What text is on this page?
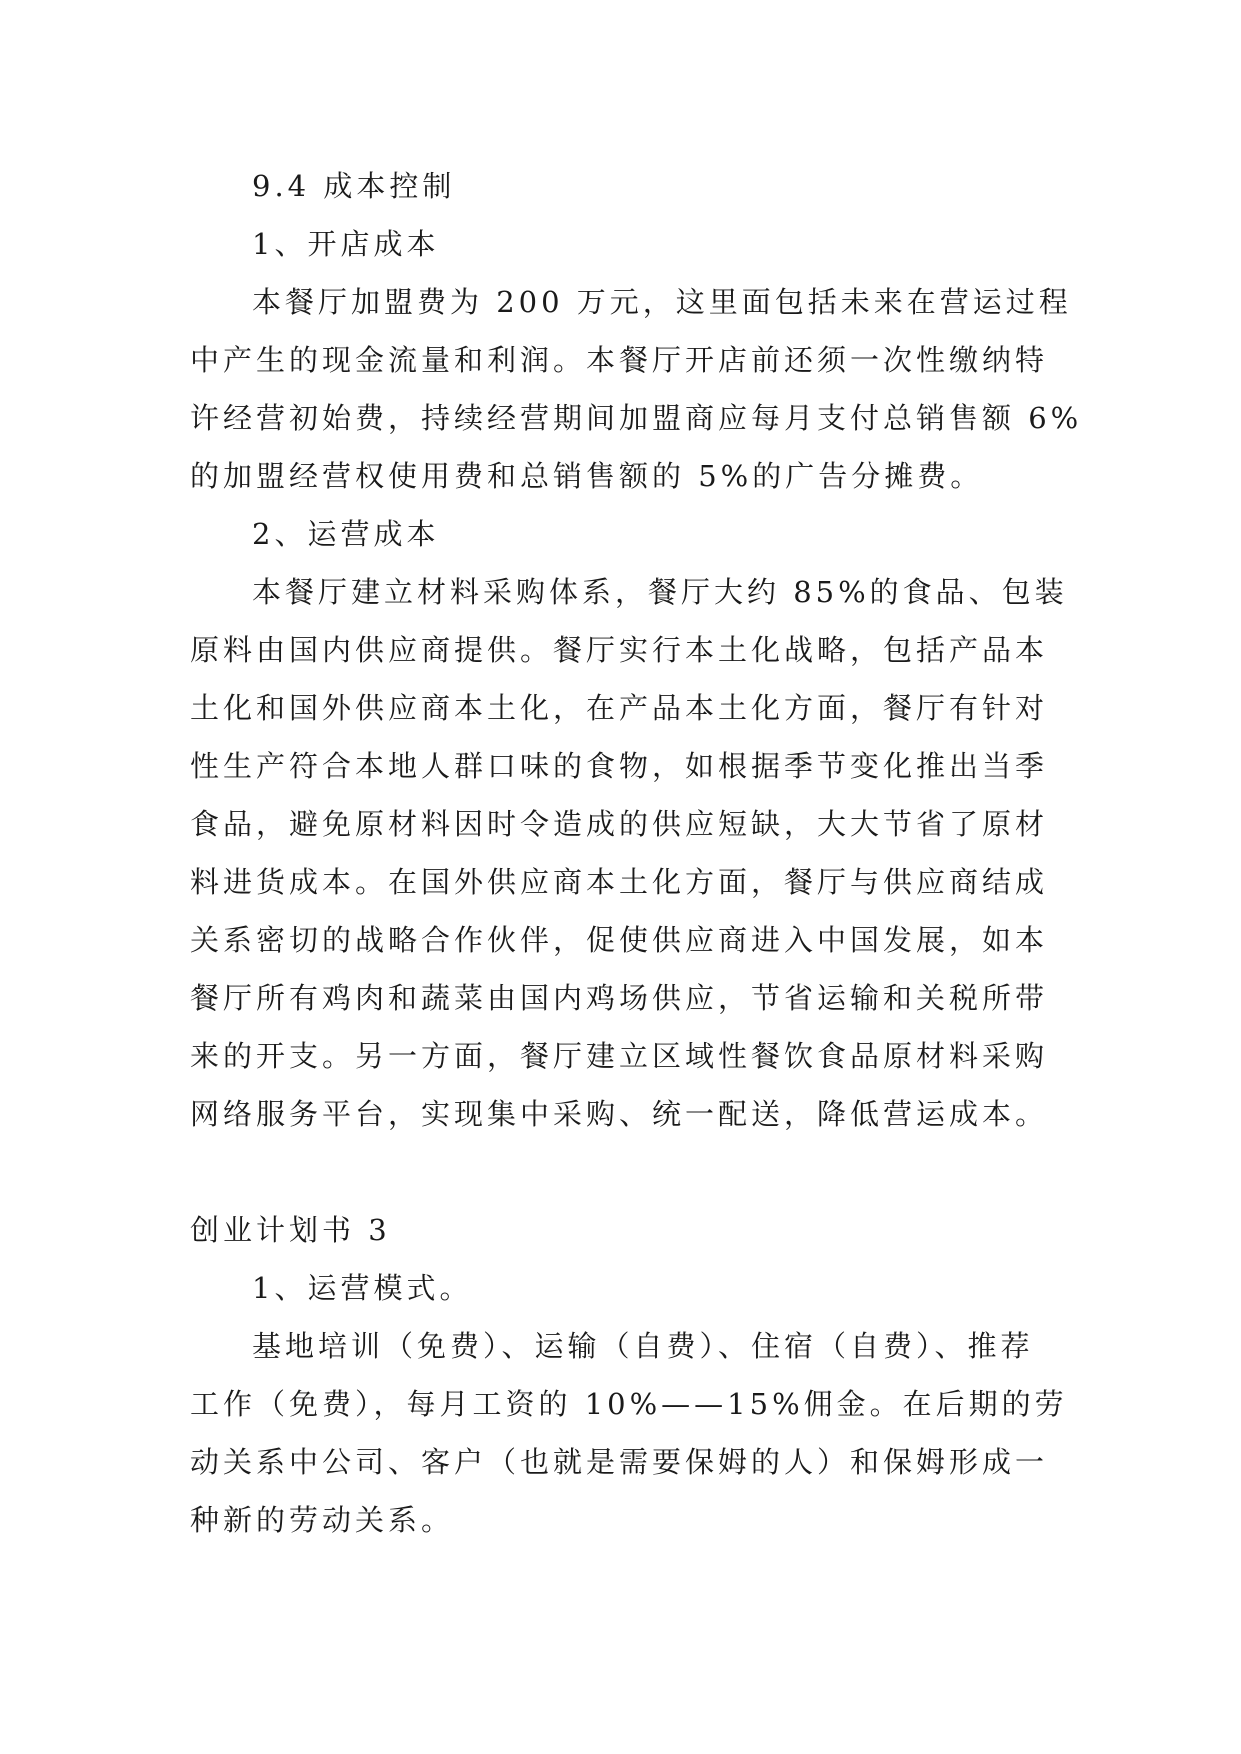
9.4 成本控制
1、开店成本
本餐厅加盟费为 200 万元，这里面包括未来在营运过程
中产生的现金流量和利润。本餐厅开店前还须一次性缴纳特
许经营初始费，持续经营期间加盟商应每月支付总销售额 6%
的加盟经营权使用费和总销售额的 5%的广告分摊费。
2、运营成本
本餐厅建立材料采购体系，餐厅大约 85%的食品、包装
原料由国内供应商提供。餐厅实行本土化战略，包括产品本
土化和国外供应商本土化，在产品本土化方面，餐厅有针对
性生产符合本地人群口味的食物，如根据季节变化推出当季
食品，避免原材料因时令造成的供应短缺，大大节省了原材
料进货成本。在国外供应商本土化方面，餐厅与供应商结成
关系密切的战略合作伙伴，促使供应商进入中国发展，如本
餐厅所有鸡肉和蔬菜由国内鸡场供应，节省运输和关税所带
来的开支。另一方面，餐厅建立区域性餐饮食品原材料采购
网络服务平台，实现集中采购、统一配送，降低营运成本。
创业计划书 3
1、运营模式。
基地培训（免费）、运输（自费）、住宿（自费）、推荐
工作（免费），每月工资的 10%——15%佣金。在后期的劳
动关系中公司、客户（也就是需要保姆的人）和保姆形成一
种新的劳动关系。
